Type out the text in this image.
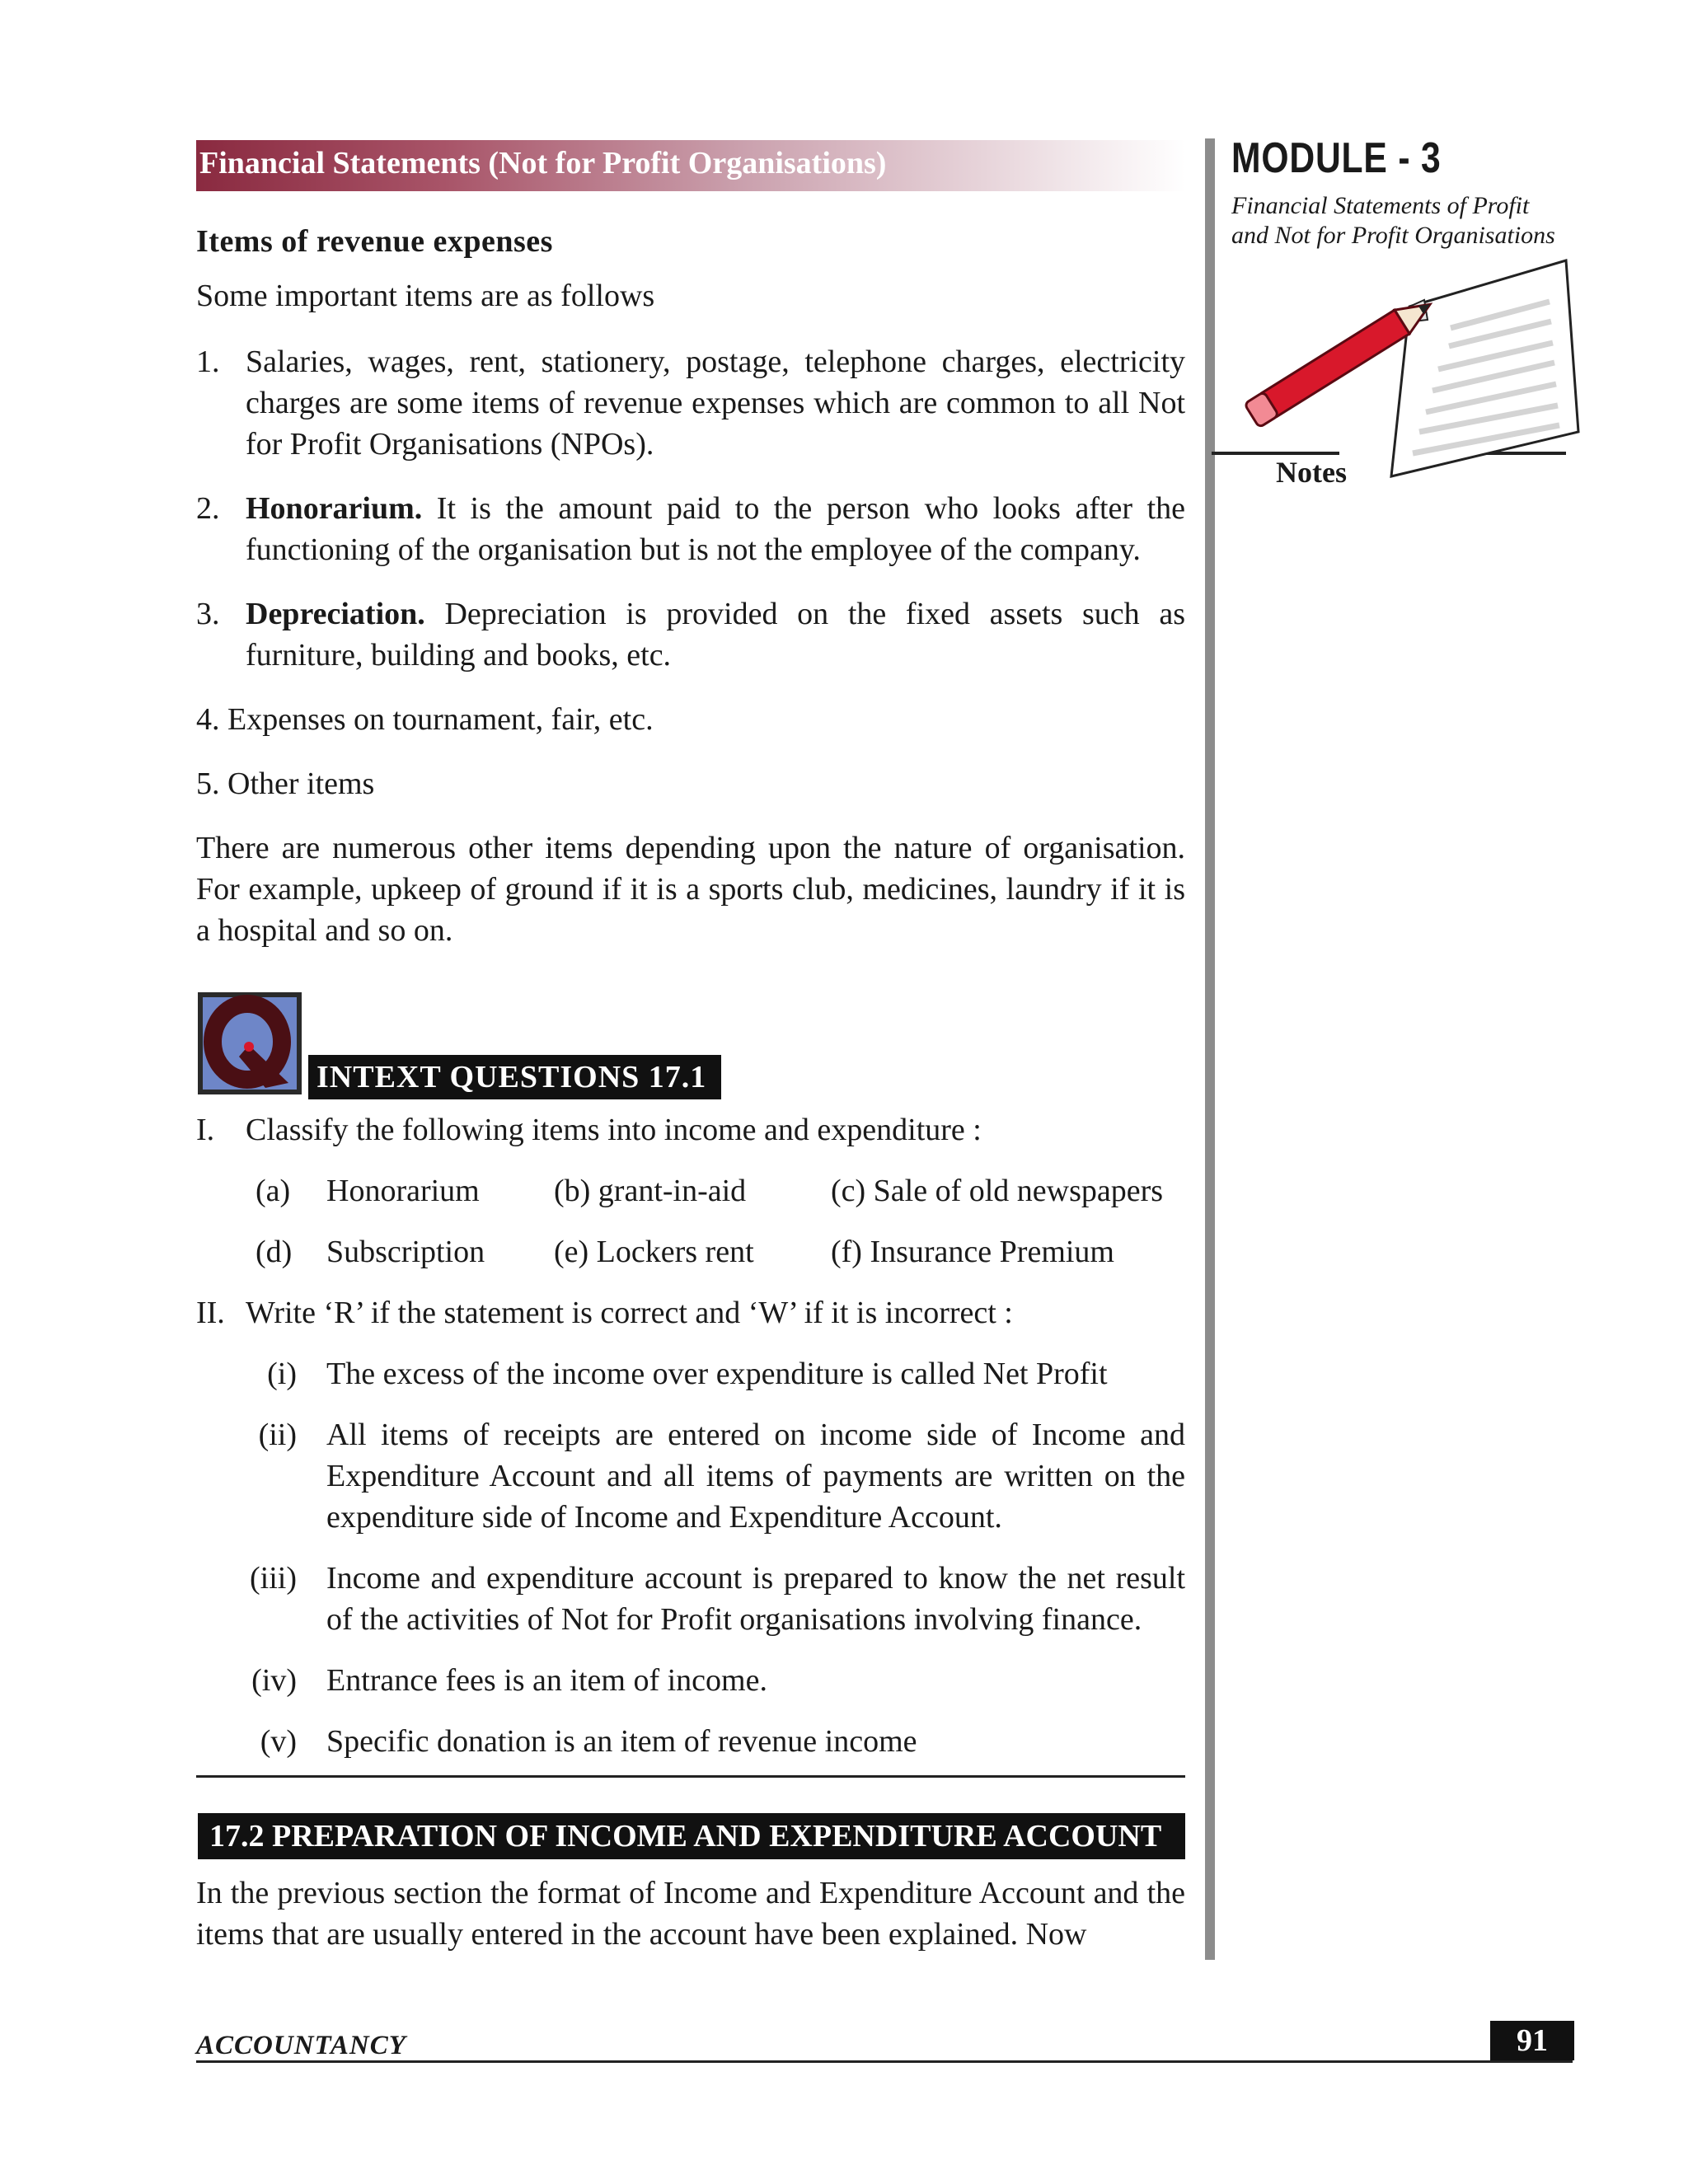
Financial Statements (Not for Profit Organisations)	MODULE - 3
Financial Statements of Profit
and Not for Profit Organisations
Notes
Items of revenue expenses
Some important items are as follows
1. Salaries, wages, rent, stationery, postage, telephone charges, electricity charges are some items of revenue expenses which are common to all Not for Profit Organisations (NPOs).
2. Honorarium. It is the amount paid to the person who looks after the functioning of the organisation but is not the employee of the company.
3. Depreciation. Depreciation is provided on the fixed assets such as furniture, building and books, etc.
4. Expenses on tournament, fair, etc.
5. Other items
There are numerous other items depending upon the nature of organisation. For example, upkeep of ground if it is a sports club, medicines, laundry if it is a hospital and so on.
INTEXT QUESTIONS 17.1
I. Classify the following items into income and expenditure :
(a) Honorarium (b) grant-in-aid	(c) Sale of old newspapers
(d) Subscription (e) Lockers rent (f) Insurance Premium
II. Write ‘R’ if the statement is correct and ‘W’ if it is incorrect :
(i) The excess of the income over expenditure is called Net Profit
(ii) All items of receipts are entered on income side of Income and Expenditure Account and all items of payments are written on the expenditure side of Income and Expenditure Account.
(iii) Income and expenditure account is prepared to know the net result of the activities of Not for Profit organisations involving finance.
(iv) Entrance fees is an item of income.
(v) Specific donation is an item of revenue income
17.2 PREPARATION OF INCOME AND EXPENDITURE ACCOUNT
In the previous section the format of Income and Expenditure Account and the items that are usually entered in the account have been explained. Now
ACCOUNTANCY	91
